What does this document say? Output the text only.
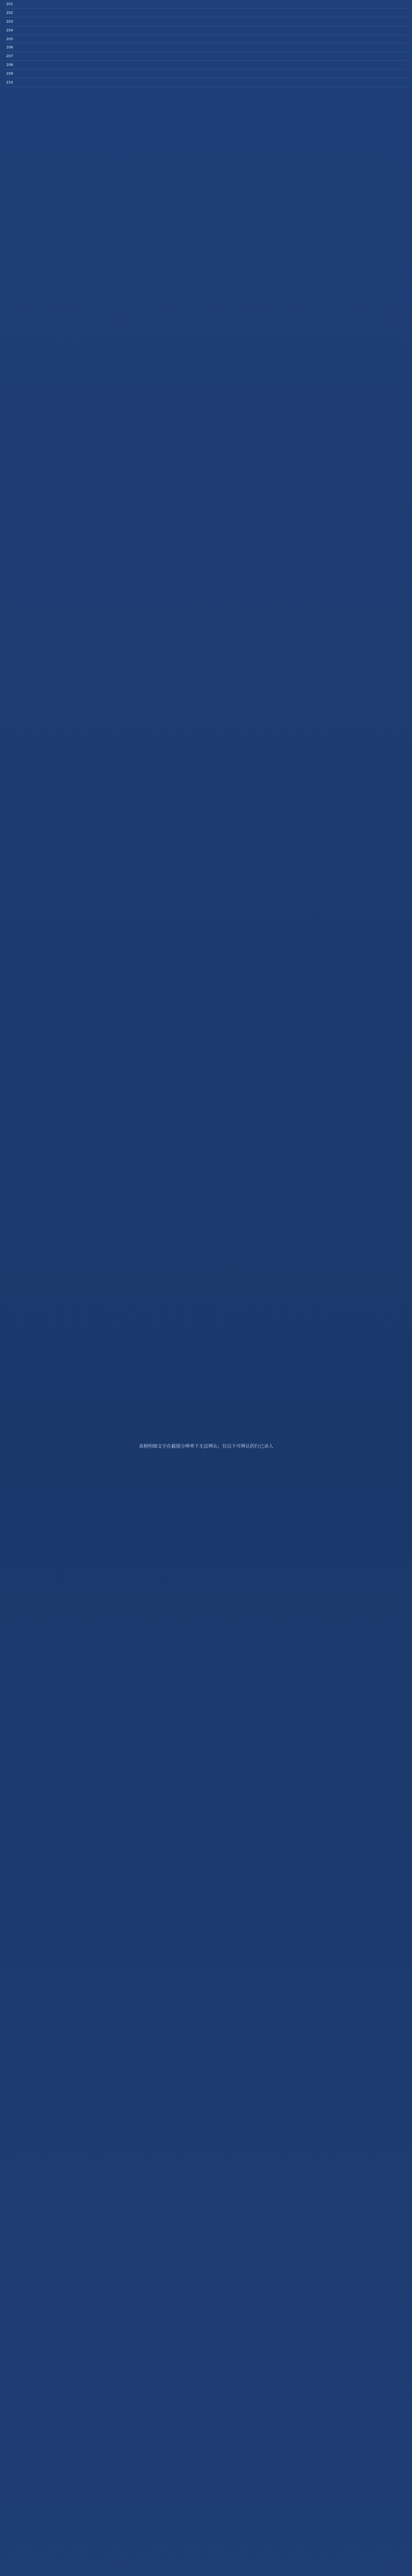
201				
202				
203				
204				
205				
206				
207				
208				
209				
210				
表格明细文字在截图分辨率下无法辨认；仅以下可辨认的行已录入
